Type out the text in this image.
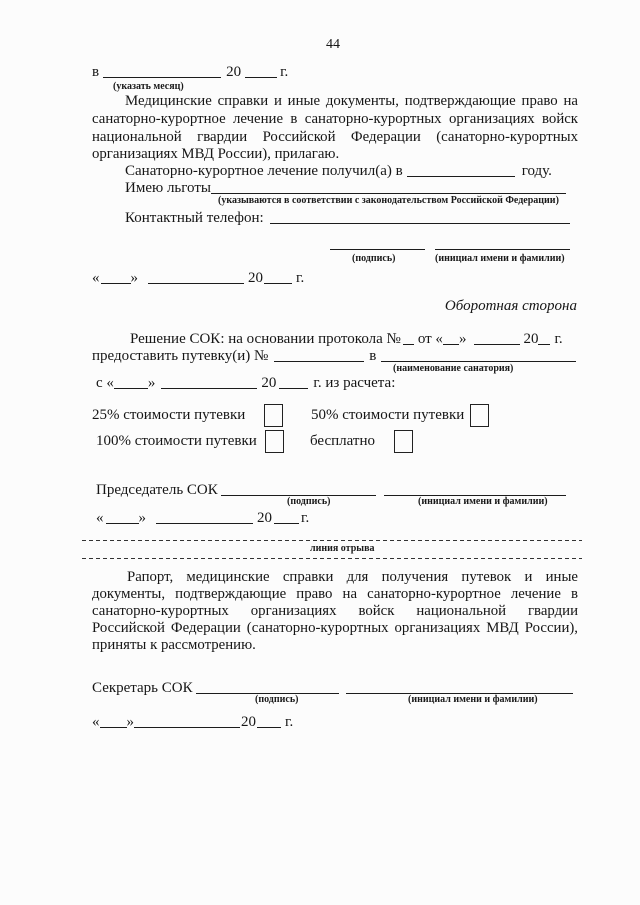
44
в	20	г.
(указать месяц)
Медицинские справки и иные документы, подтверждающие право на
санаторно-курортное лечение в санаторно-курортных организациях войск
национальной гвардии Российской Федерации (санаторно-курортных
организациях МВД России), прилагаю.
Санаторно-курортное лечение получил(а) в	году.
Имею льготы
(указываются в соответствии с законодательством Российской Федерации)
Контактный телефон:
(подпись)	(инициал имени и фамилии)
« »	20 г.
Оборотная сторона
Решение СОК: на основании протокола № от « »	20 г.
предоставить путевку(и) №	в
(наименование санатория)
с « »	20 г. из расчета:
25% стоимости путевки	50% стоимости путевки
100% стоимости путевки	бесплатно
Председатель СОК
(подпись)	(инициал имени и фамилии)
« »	20 г.
линия отрыва
Рапорт, медицинские справки для получения путевок и иные
документы, подтверждающие право на санаторно-курортное лечение в
санаторно-курортных организациях войск национальной гвардии
Российской Федерации (санаторно-курортных организациях МВД России),
приняты к рассмотрению.
Секретарь СОК
(подпись)	(инициал имени и фамилии)
« »	20 г.
